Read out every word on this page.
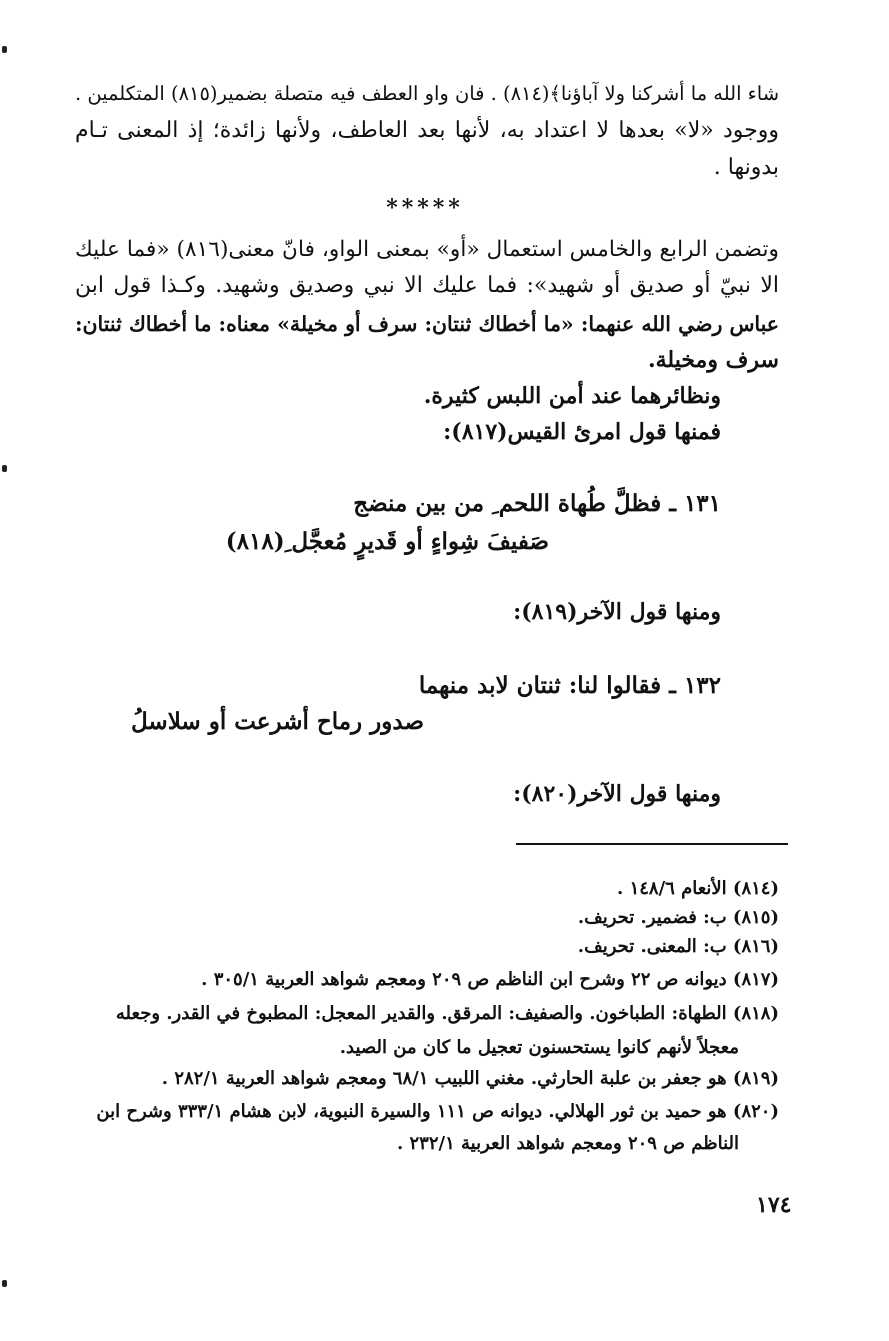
شاء الله ما أشركنا ولا آباؤنا﴾(٨١٤) . فان واو العطف فيه متصلة بضمير(٨١٥) المتكلمين .
ووجود «لا» بعدها لا اعتداد به، لأنها بعد العاطف، ولأنها زائدة؛ إذ المعنى تـام
بدونها .
*****
وتضمن الرابع والخامس استعمال «أو» بمعنى الواو، فانّ معنى(٨١٦) «فما عليك
الا نبيّ أو صديق أو شهيد»: فما عليك الا نبي وصديق وشهيد. وكـذا قول ابن
عباس رضي الله عنهما: «ما أخطاك ثنتان: سرف أو مخيلة» معناه: ما أخطاك ثنتان:
سرف ومخيلة.
ونظائرهما عند أمن اللبس كثيرة.
فمنها قول امرئ القيس(٨١٧):
١٣١ ـ فظلَّ طُهاة اللحم ِ من بين منضج
صَفيفَ شِواءٍ أو قَديرٍ مُعجَّل ِ(٨١٨)
ومنها قول الآخر(٨١٩):
١٣٢ ـ فقالوا لنا: ثنتان لابد منهما
صدور رماح أشرعت أو سلاسلُ
ومنها قول الآخر(٨٢٠):
(٨١٤) الأنعام ١٤٨/٦ .
(٨١٥) ب: فضمير. تحريف.
(٨١٦) ب: المعنى. تحريف.
(٨١٧) ديوانه ص ٢٢ وشرح ابن الناظم ص ٢٠٩ ومعجم شواهد العربية ٣٠٥/١ .
(٨١٨) الطهاة: الطباخون. والصفيف: المرقق. والقدير المعجل: المطبوخ في القدر. وجعله
معجلاً لأنهم كانوا يستحسنون تعجيل ما كان من الصيد.
(٨١٩) هو جعفر بن علبة الحارثي. مغني اللبيب ٦٨/١ ومعجم شواهد العربية ٢٨٢/١ .
(٨٢٠) هو حميد بن ثور الهلالي. ديوانه ص ١١١ والسيرة النبوية، لابن هشام ٣٣٣/١ وشرح ابن
الناظم ص ٢٠٩ ومعجم شواهد العربية ٢٣٢/١ .
١٧٤
